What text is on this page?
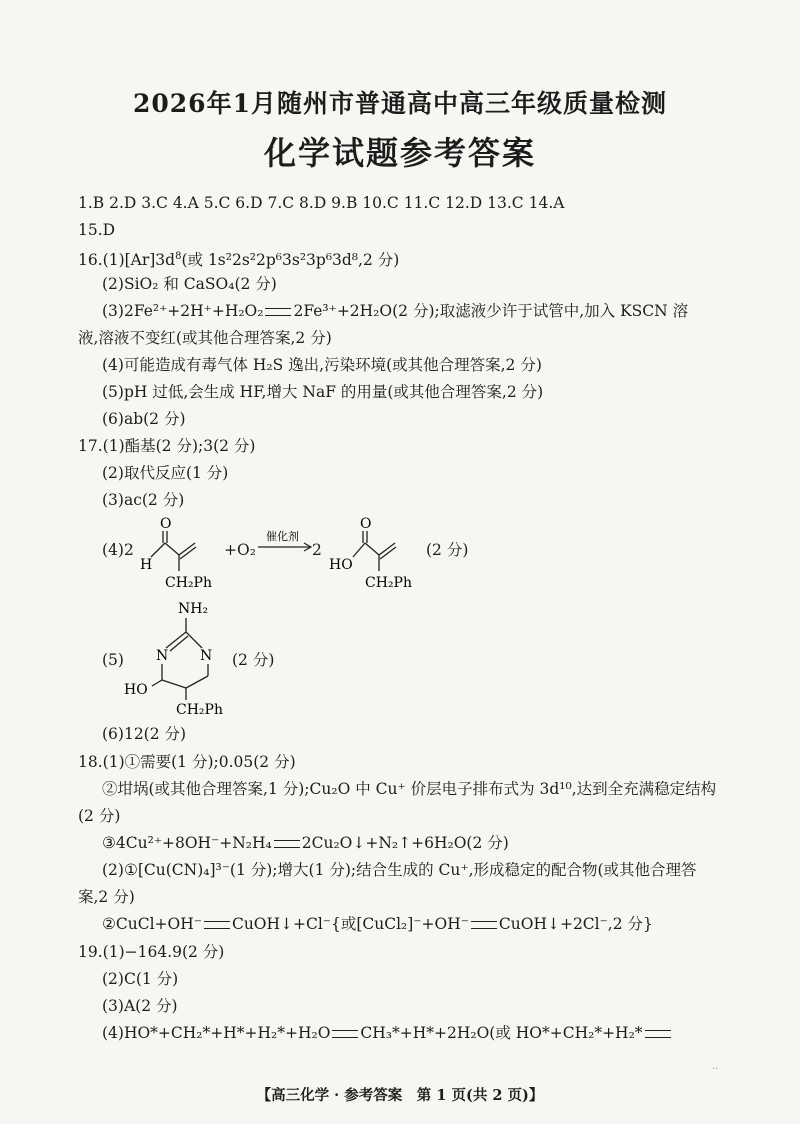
2026年1月随州市普通高中高三年级质量检测
化学试题参考答案
1.B 2.D 3.C 4.A 5.C 6.D 7.C 8.D 9.B 10.C 11.C 12.D 13.C 14.A
15.D
$16.(1)[Ar]3d^8$(或 1s²2s²2p⁶3s²3p⁶3d⁸,2 分)
(2)SiO₂ 和 CaSO₄(2 分)
(3)2Fe²⁺+2H⁺+H₂O₂ 2Fe³⁺+2H₂O(2 分);取滤液少许于试管中,加入 KSCN 溶
液,溶液不变红(或其他合理答案,2 分)
(4)可能造成有毒气体 H₂S 逸出,污染环境(或其他合理答案,2 分)
(5)pH 过低,会生成 HF,增大 NaF 的用量(或其他合理答案,2 分)
(6)ab(2 分)
17.(1)酯基(2 分);3(2 分)
(2)取代反应(1 分)
(3)ac(2 分)
(4)2
O
H
CH₂Ph
+O₂
催化剂
2
O
HO
CH₂Ph
(2 分)
(5)
NH₂
N N
HO
CH₂Ph
(2 分)
(6)12(2 分)
18.(1)①需要(1 分);0.05(2 分)
②坩埚(或其他合理答案,1 分);Cu₂O 中 Cu⁺ 价层电子排布式为 3d¹⁰,达到全充满稳定结构
(2 分)
③4Cu²⁺+8OH⁻+N₂H₄ 2Cu₂O↓+N₂↑+6H₂O(2 分)
(2)①[Cu(CN)₄]³⁻(1 分);增大(1 分);结合生成的 Cu⁺,形成稳定的配合物(或其他合理答
案,2 分)
②CuCl+OH⁻ CuOH↓+Cl⁻{或[CuCl₂]⁻+OH⁻ CuOH↓+2Cl⁻,2 分}
19.(1)−164.9(2 分)
(2)C(1 分)
(3)A(2 分)
(4)HO*+CH₂*+H*+H₂*+H₂O CH₃*+H*+2H₂O(或 HO*+CH₂*+H₂*
··
【高三化学 · 参考答案　第 1 页(共 2 页)】
